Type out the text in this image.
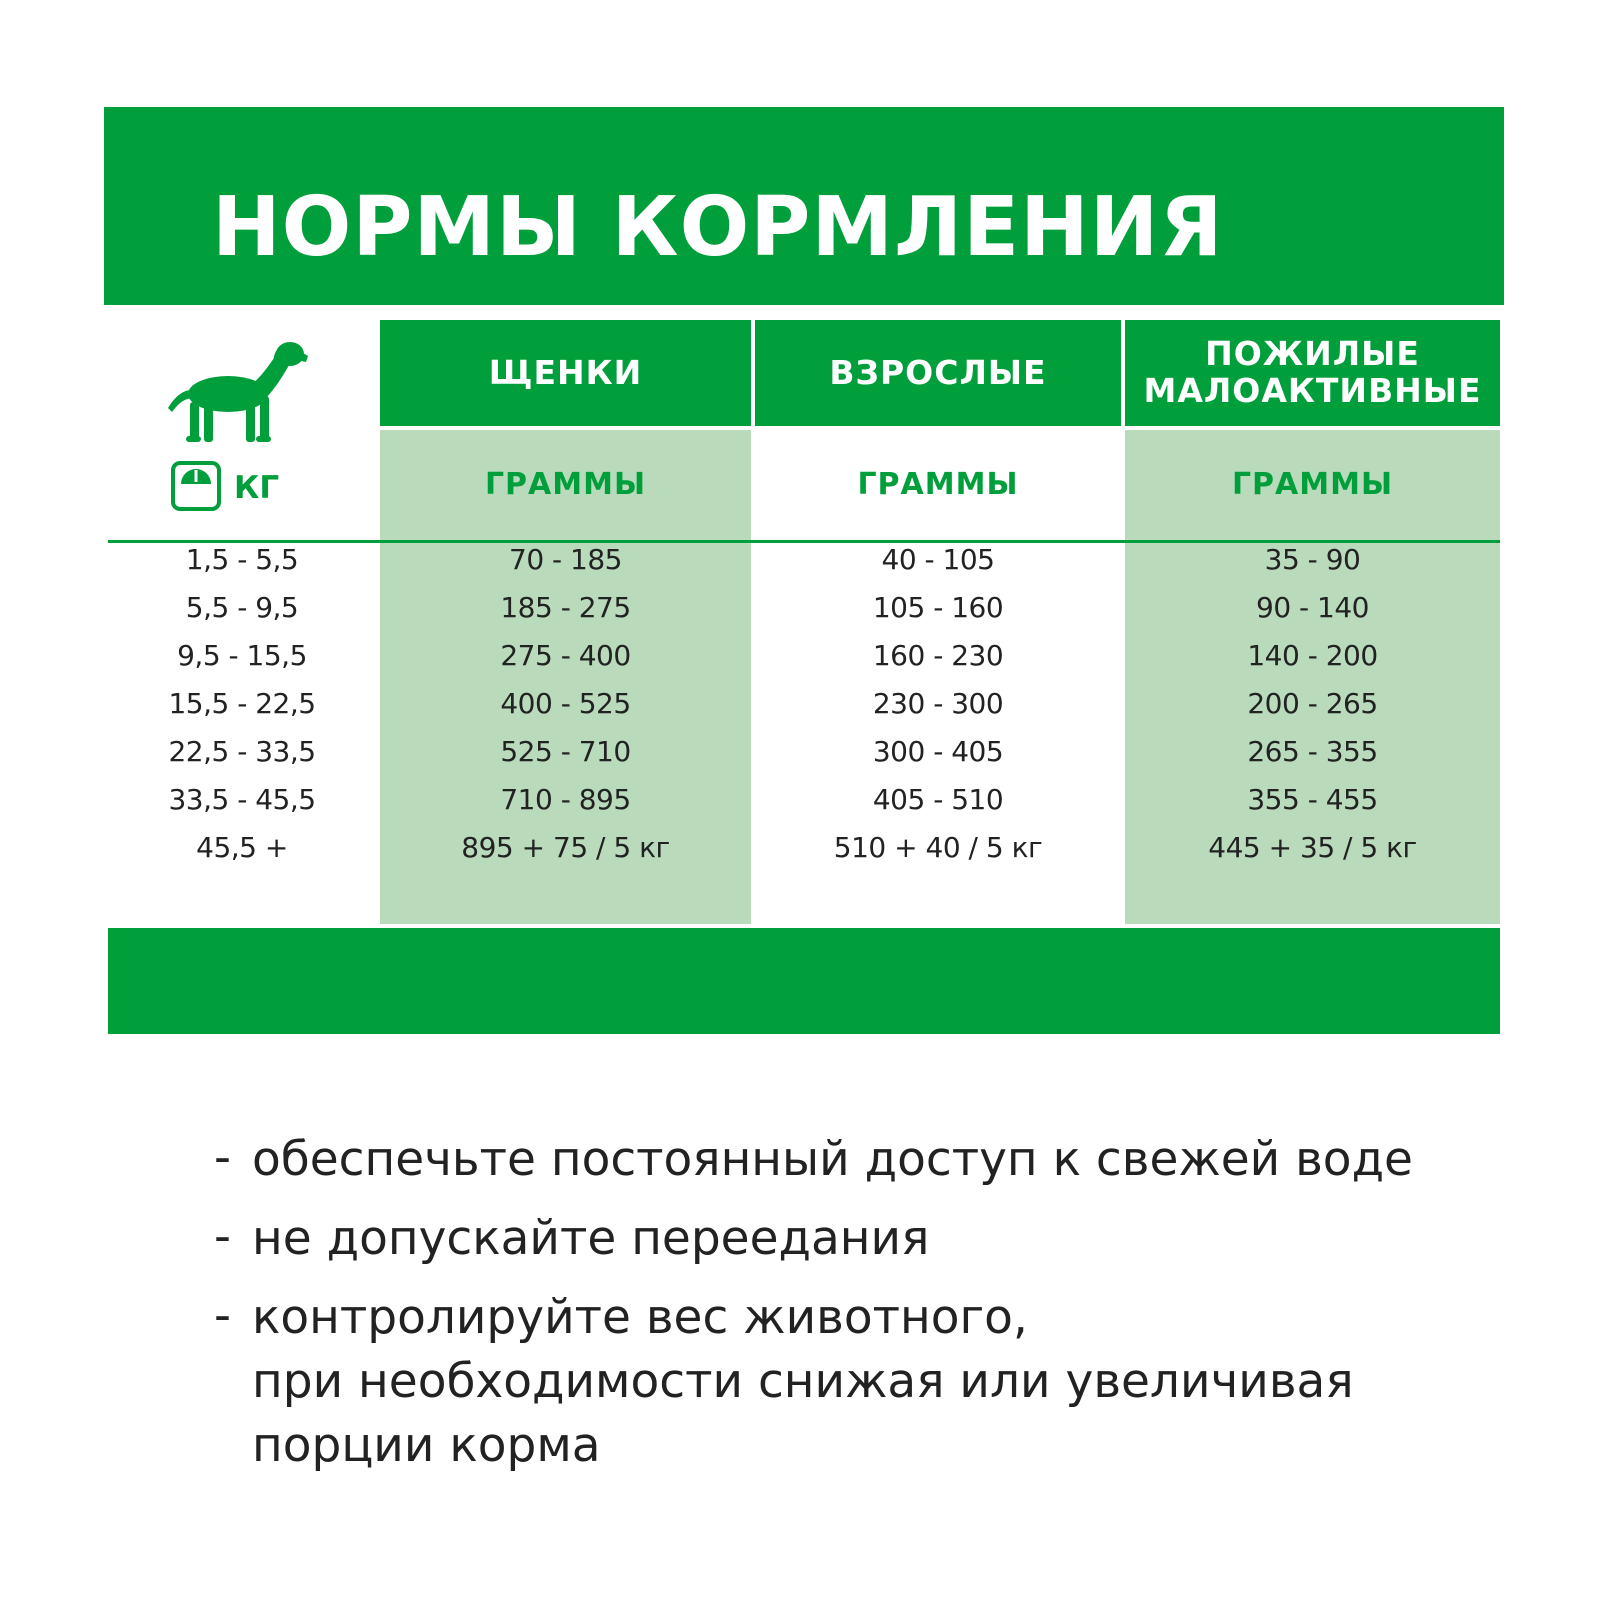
НОРМЫ КОРМЛЕНИЯ
КГ
1,5 - 5,5
5,5 - 9,5
9,5 - 15,5
15,5 - 22,5
22,5 - 33,5
33,5 - 45,5
45,5 +
ЩЕНКИ
ГРАММЫ
70 - 185
185 - 275
275 - 400
400 - 525
525 - 710
710 - 895
895 + 75 / 5 кг
ВЗРОСЛЫЕ
ГРАММЫ
40 - 105
105 - 160
160 - 230
230 - 300
300 - 405
405 - 510
510 + 40 / 5 кг
ПОЖИЛЫЕ
МАЛОАКТИВНЫЕ
ГРАММЫ
35 - 90
90 - 140
140 - 200
200 - 265
265 - 355
355 - 455
445 + 35 / 5 кг
- обеспечьте постоянный доступ к свежей воде
- не допускайте переедания
- контролируйте вес животного,
при необходимости снижая или увеличивая
порции корма
